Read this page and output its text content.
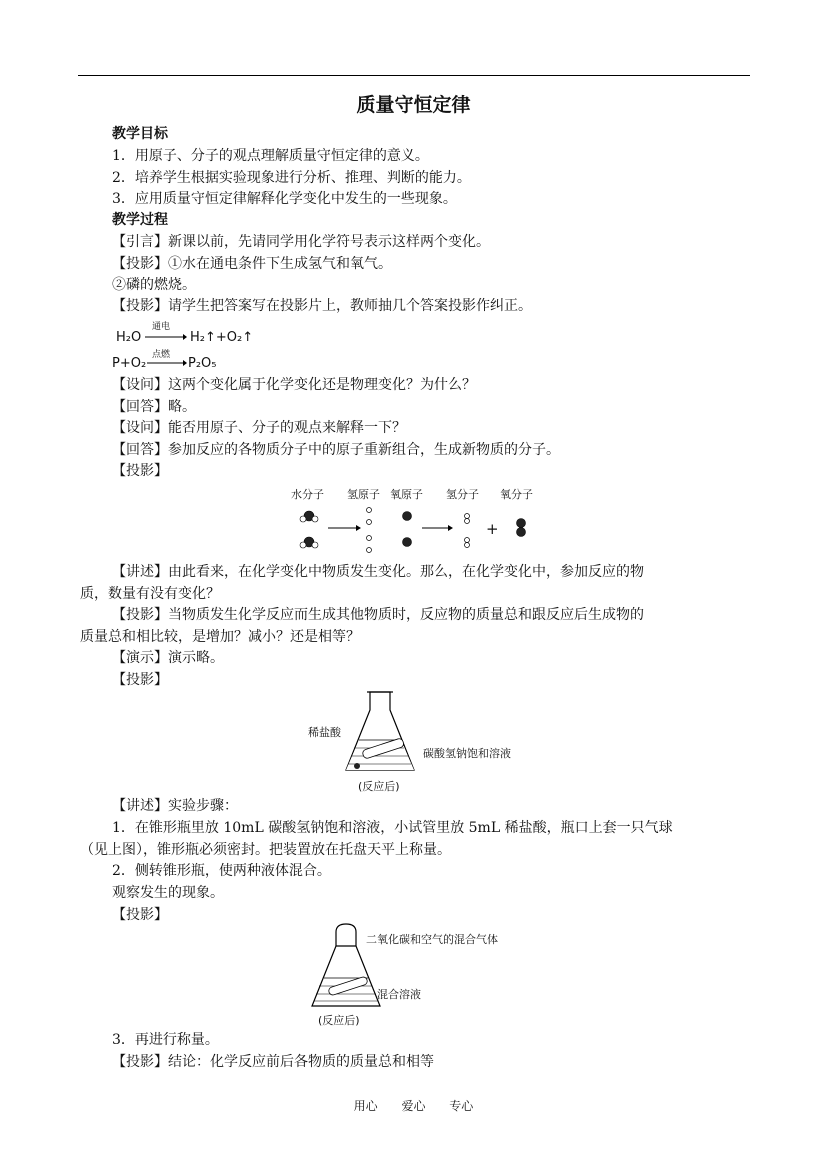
质量守恒定律
教学目标
1．用原子、分子的观点理解质量守恒定律的意义。
2．培养学生根据实验现象进行分析、推理、判断的能力。
3．应用质量守恒定律解释化学变化中发生的一些现象。
教学过程
【引言】新课以前，先请同学用化学符号表示这样两个变化。
【投影】①水在通电条件下生成氢气和氧气。
②磷的燃烧。
【投影】请学生把答案写在投影片上，教师抽几个答案投影作纠正。
H₂O
通电
H₂↑+O₂↑
P+O₂
点燃
P₂O₅
【设问】这两个变化属于化学变化还是物理变化？为什么？
【回答】略。
【设问】能否用原子、分子的观点来解释一下？
【回答】参加反应的各物质分子中的原子重新组合，生成新物质的分子。
【投影】
水分子 氢原子 氧原子 氢分子 氧分子
+
【讲述】由此看来，在化学变化中物质发生变化。那么，在化学变化中，参加反应的物
质，数量有没有变化？
【投影】当物质发生化学反应而生成其他物质时，反应物的质量总和跟反应后生成物的
质量总和相比较，是增加？减小？还是相等？
【演示】演示略。
【投影】
稀盐酸
碳酸氢钠饱和溶液
(反应后)
【讲述】实验步骤：
1．在锥形瓶里放 10mL 碳酸氢钠饱和溶液，小试管里放 5mL 稀盐酸，瓶口上套一只气球
（见上图），锥形瓶必须密封。把装置放在托盘天平上称量。
2．侧转锥形瓶，使两种液体混合。
观察发生的现象。
【投影】
二氧化碳和空气的混合气体
混合溶液
(反应后)
3．再进行称量。
【投影】结论：化学反应前后各物质的质量总和相等
用心 爱心 专心
